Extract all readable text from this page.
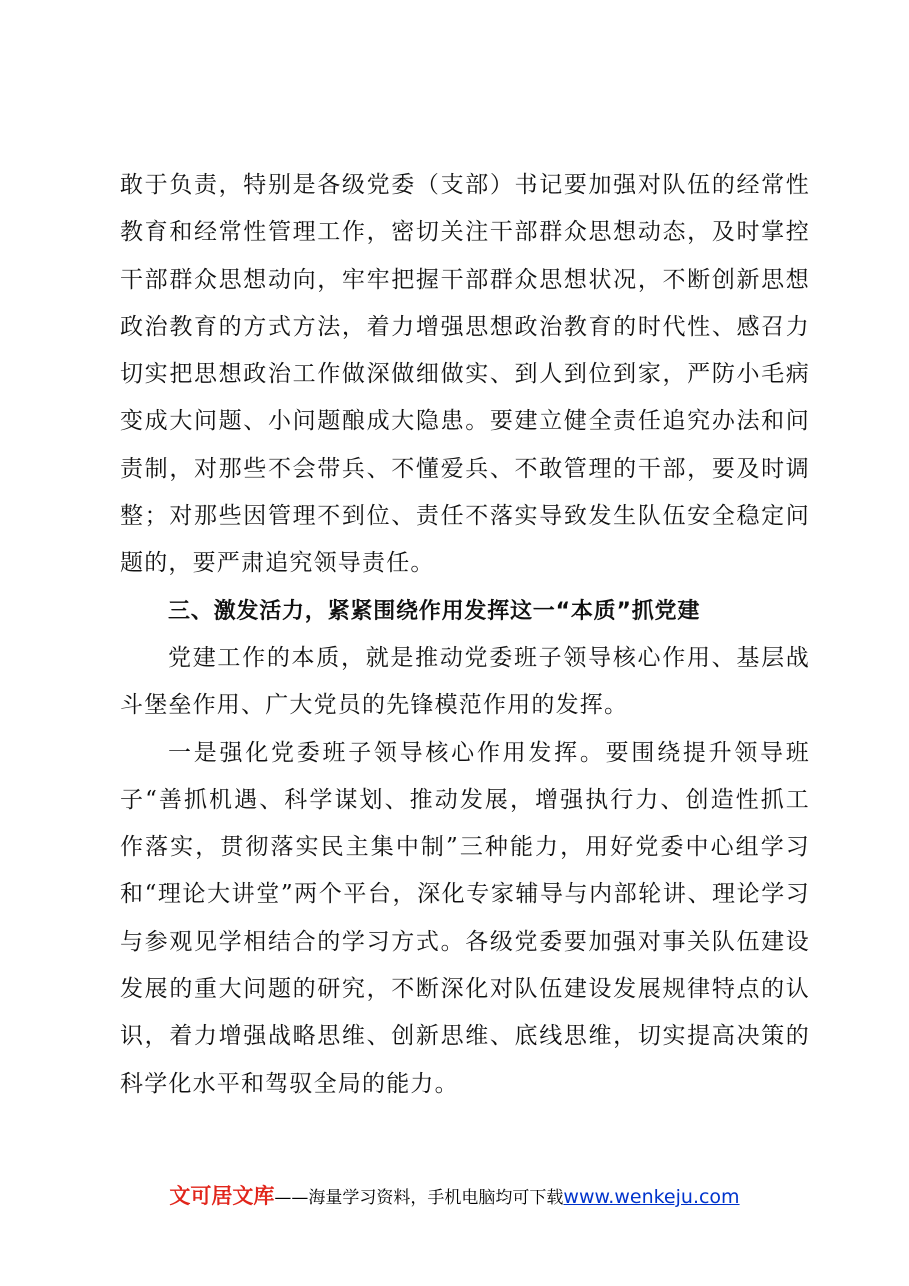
敢于负责，特别是各级党委（支部）书记要加强对队伍的经常性教育和经常性管理工作，密切关注干部群众思想动态，及时掌控干部群众思想动向，牢牢把握干部群众思想状况，不断创新思想政治教育的方式方法，着力增强思想政治教育的时代性、感召力切实把思想政治工作做深做细做实、到人到位到家，严防小毛病变成大问题、小问题酿成大隐患。要建立健全责任追究办法和问责制，对那些不会带兵、不懂爱兵、不敢管理的干部，要及时调整；对那些因管理不到位、责任不落实导致发生队伍安全稳定问题的，要严肃追究领导责任。

三、激发活力，紧紧围绕作用发挥这一“本质”抓党建

党建工作的本质，就是推动党委班子领导核心作用、基层战斗堡垒作用、广大党员的先锋模范作用的发挥。

一是强化党委班子领导核心作用发挥。要围绕提升领导班子“善抓机遇、科学谋划、推动发展，增强执行力、创造性抓工作落实，贯彻落实民主集中制”三种能力，用好党委中心组学习和“理论大讲堂”两个平台，深化专家辅导与内部轮讲、理论学习与参观见学相结合的学习方式。各级党委要加强对事关队伍建设发展的重大问题的研究，不断深化对队伍建设发展规律特点的认识，着力增强战略思维、创新思维、底线思维，切实提高决策的科学化水平和驾驭全局的能力。

文可居文库——海量学习资料，手机电脑均可下载www.wenkeju.com
